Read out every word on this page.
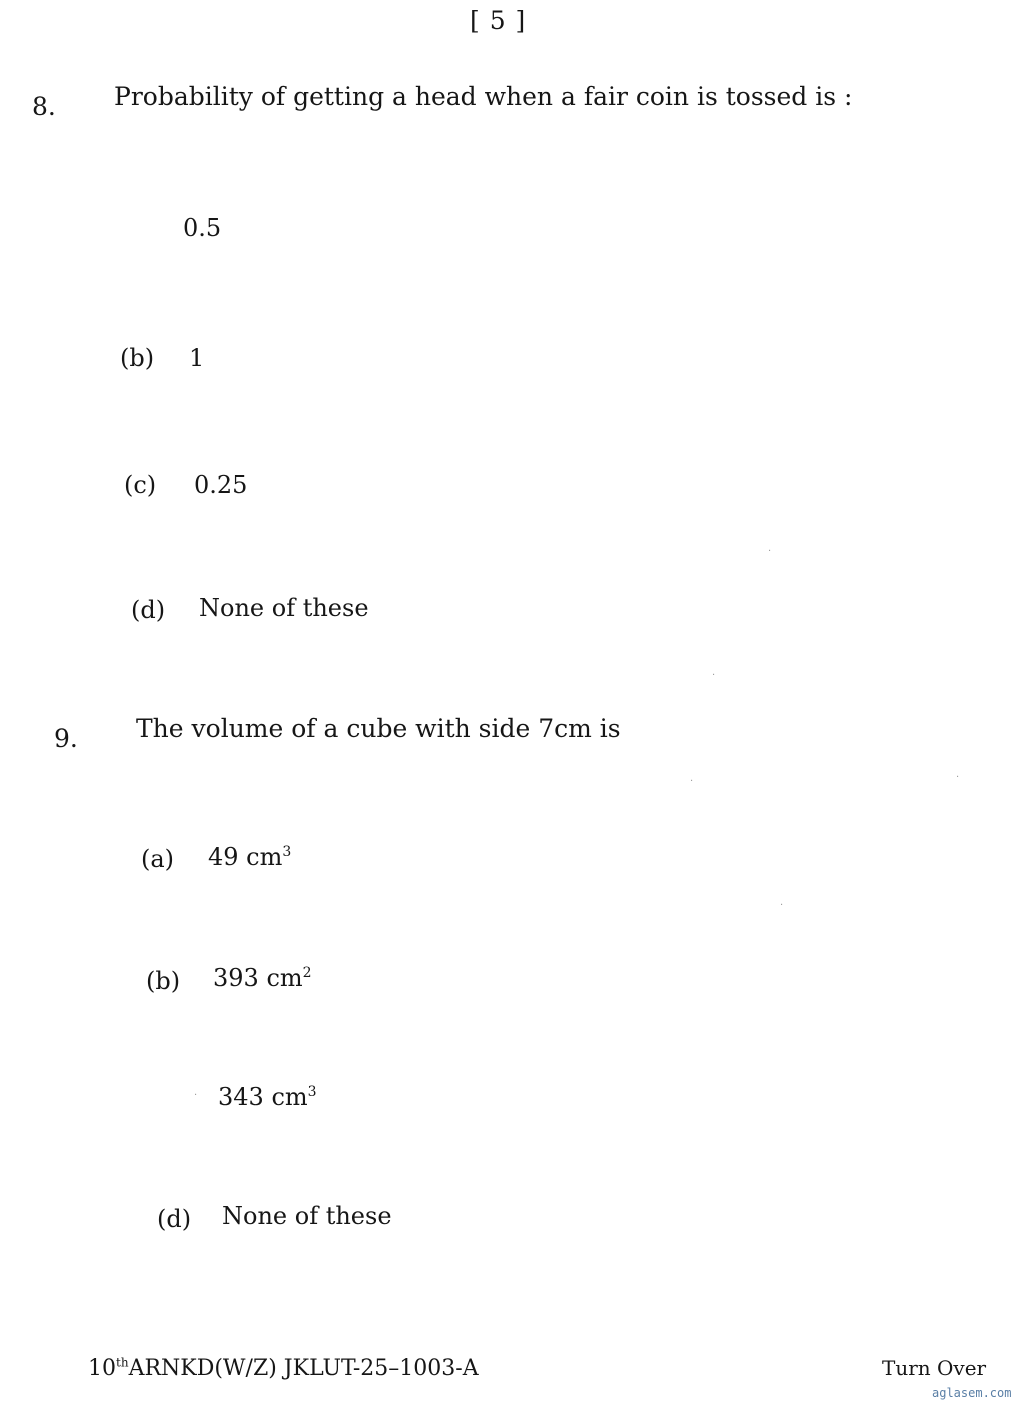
[ 5 ]
8. Probability of getting a head when a fair coin is tossed is :
0.5
(b) 1
(c) 0.25
(d) None of these
9. The volume of a cube with side 7cm is
(a) 49 $cm^3$
(b) 393 $cm^2$
343 $cm^3$
(d) None of these
10thARNKD(W/Z) JKLUT-25–1003-A	Turn Over
aglasem.com
·
·
·	·
·
·
